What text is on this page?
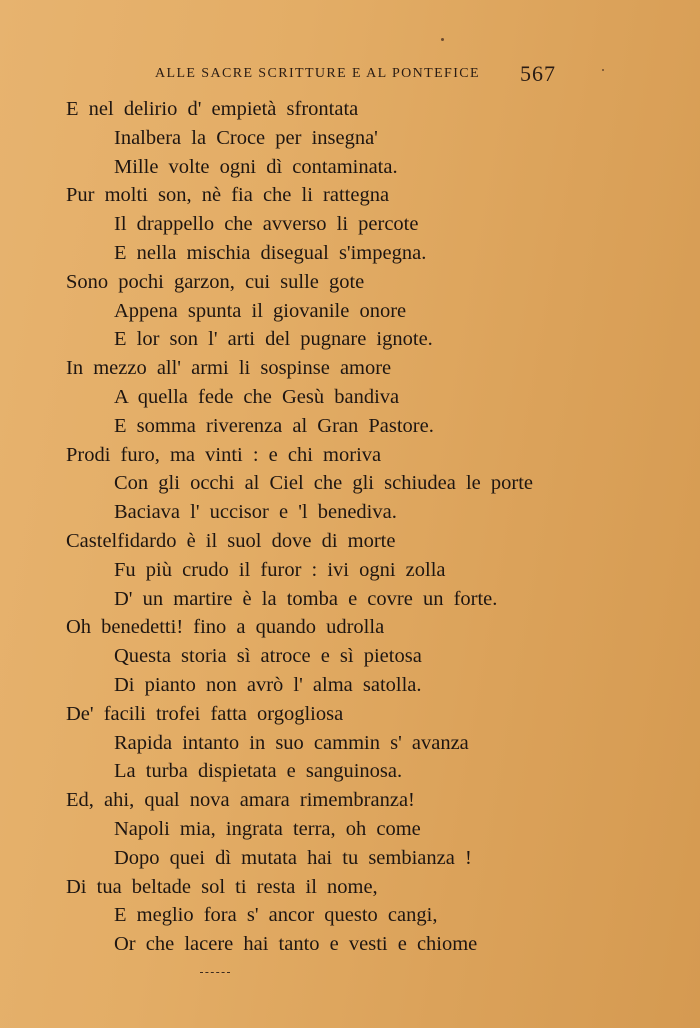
ALLE SACRE SCRITTURE E AL PONTEFICE 567
E nel delirio d' empietà sfrontata
Inalbera la Croce per insegna'
Mille volte ogni dì contaminata.
Pur molti son, nè fia che li rattegna
Il drappello che avverso li percote
E nella mischia disegual s'impegna.
Sono pochi garzon, cui sulle gote
Appena spunta il giovanile onore
E lor son l' arti del pugnare ignote.
In mezzo all' armi li sospinse amore
A quella fede che Gesù bandiva
E somma riverenza al Gran Pastore.
Prodi furo, ma vinti : e chi moriva
Con gli occhi al Ciel che gli schiudea le porte
Baciava l' uccisor e 'l benediva.
Castelfidardo è il suol dove di morte
Fu più crudo il furor : ivi ogni zolla
D' un martire è la tomba e covre un forte.
Oh benedetti! fino a quando udrolla
Questa storia sì atroce e sì pietosa
Di pianto non avrò l' alma satolla.
De' facili trofei fatta orgogliosa
Rapida intanto in suo cammin s' avanza
La turba dispietata e sanguinosa.
Ed, ahi, qual nova amara rimembranza!
Napoli mia, ingrata terra, oh come
Dopo quei dì mutata hai tu sembianza !
Di tua beltade sol ti resta il nome,
E meglio fora s' ancor questo cangi,
Or che lacere hai tanto e vesti e chiome
